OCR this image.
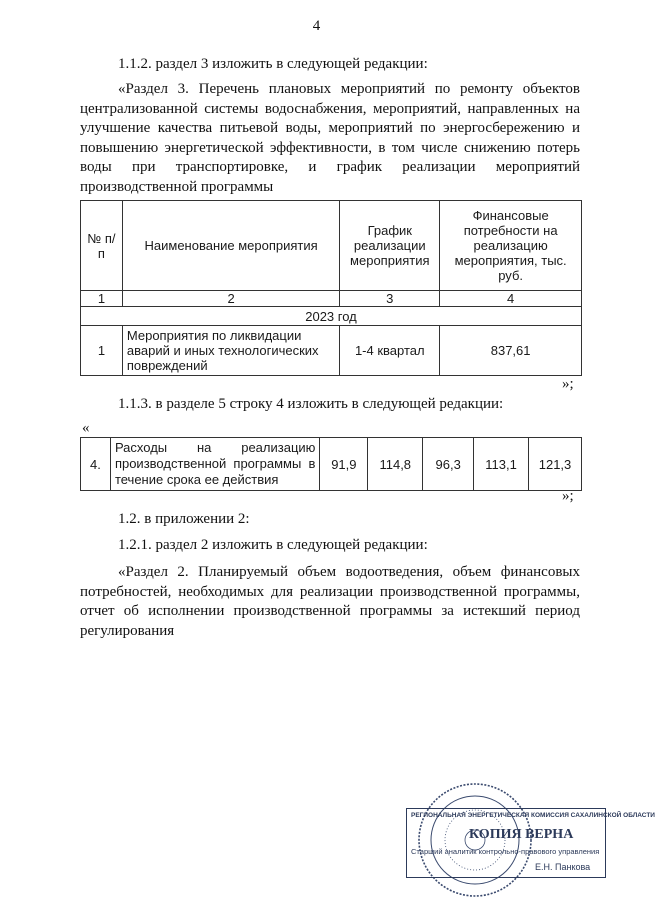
4
1.1.2. раздел 3 изложить в следующей редакции:
«Раздел 3. Перечень плановых мероприятий по ремонту объектов централизованной системы водоснабжения, мероприятий, направленных на улучшение качества питьевой воды, мероприятий по энергосбережению и повышению энергетической эффективности, в том числе снижению потерь воды при транспортировке, и график реализации мероприятий производственной программы
№ п/п	Наименование мероприятия	График реализации мероприятия	Финансовые потребности на реализацию мероприятия, тыс. руб.
1	2	3	4
2023 год			
1	Мероприятия по ликвидации аварий и иных технологических повреждений	1-4 квартал	837,61
»;
1.1.3. в разделе 5 строку 4 изложить в следующей редакции:
«
4.	Расходы на реализацию производственной программы в течение срока ее действия	91,9	114,8	96,3	113,1	121,3
»;
1.2. в приложении 2:
1.2.1. раздел 2 изложить в следующей редакции:
«Раздел 2. Планируемый объем водоотведения, объем финансовых потребностей, необходимых для реализации производственной программы, отчет об исполнении производственной программы за истекший период регулирования
РЕГИОНАЛЬНАЯ ЭНЕРГЕТИЧЕСКАЯ КОМИССИЯ САХАЛИНСКОЙ ОБЛАСТИ
КОПИЯ ВЕРНА
Старший аналитик контрольно-правового управления
Е.Н. Панкова
